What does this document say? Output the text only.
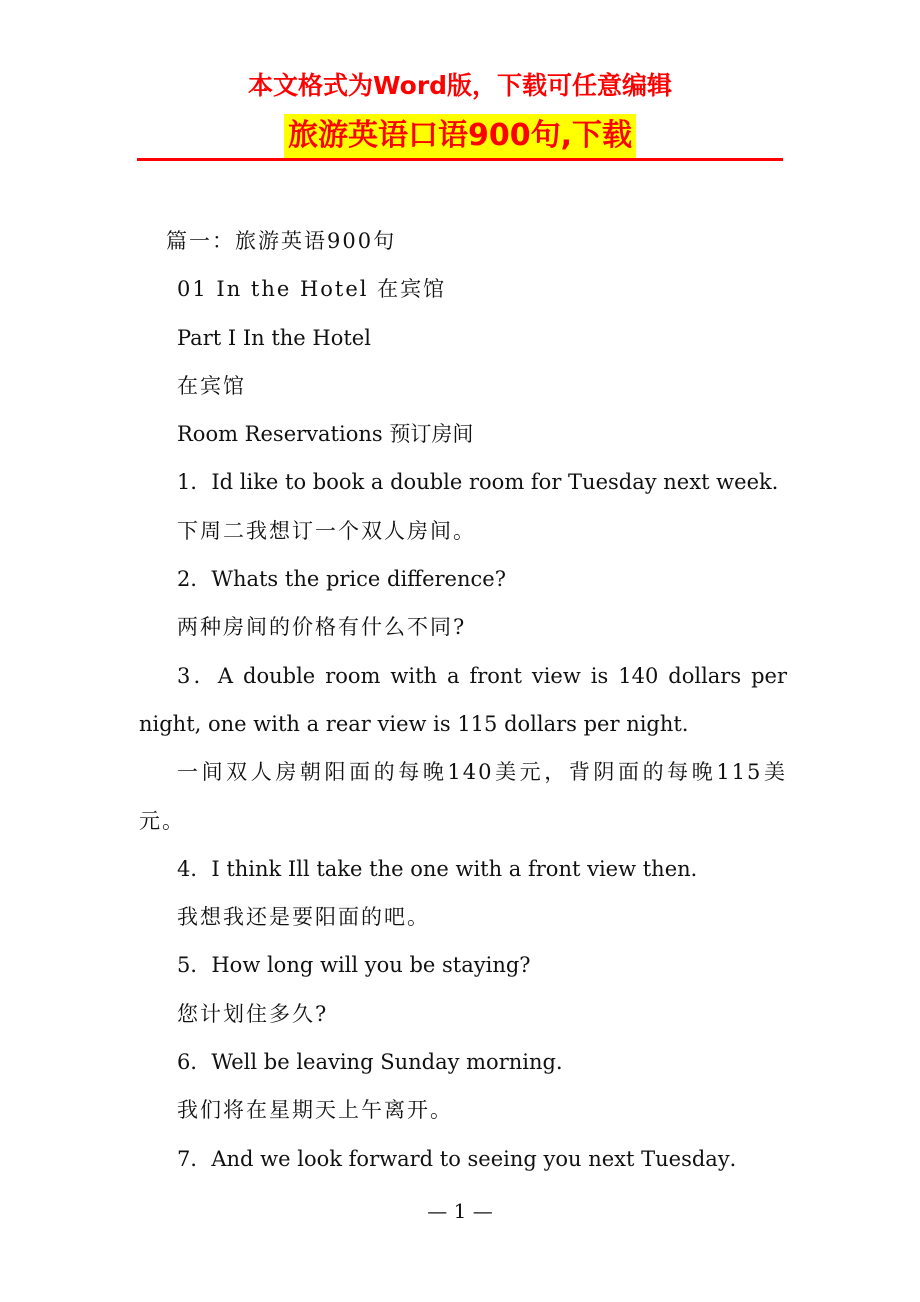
本文格式为Word版，下载可任意编辑
旅游英语口语900句,下载
篇一：旅游英语900句
01 In the Hotel 在宾馆
Part Ⅰ In the Hotel
在宾馆
Room Reservations 预订房间
1．Id like to book a double room for Tuesday next week．
下周二我想订一个双人房间。
2．Whats the price difference?
两种房间的价格有什么不同?
3．A double room with a front view is 140 dollars per night, one with a rear view is 115 dollars per night．
一间双人房朝阳面的每晚140美元，背阴面的每晚115美元。
4．I think Ill take the one with a front view then．
我想我还是要阳面的吧。
5．How long will you be staying?
您计划住多久?
6．Well be leaving Sunday morning．
我们将在星期天上午离开。
7．And we look forward to seeing you next Tuesday．
— 1 —
